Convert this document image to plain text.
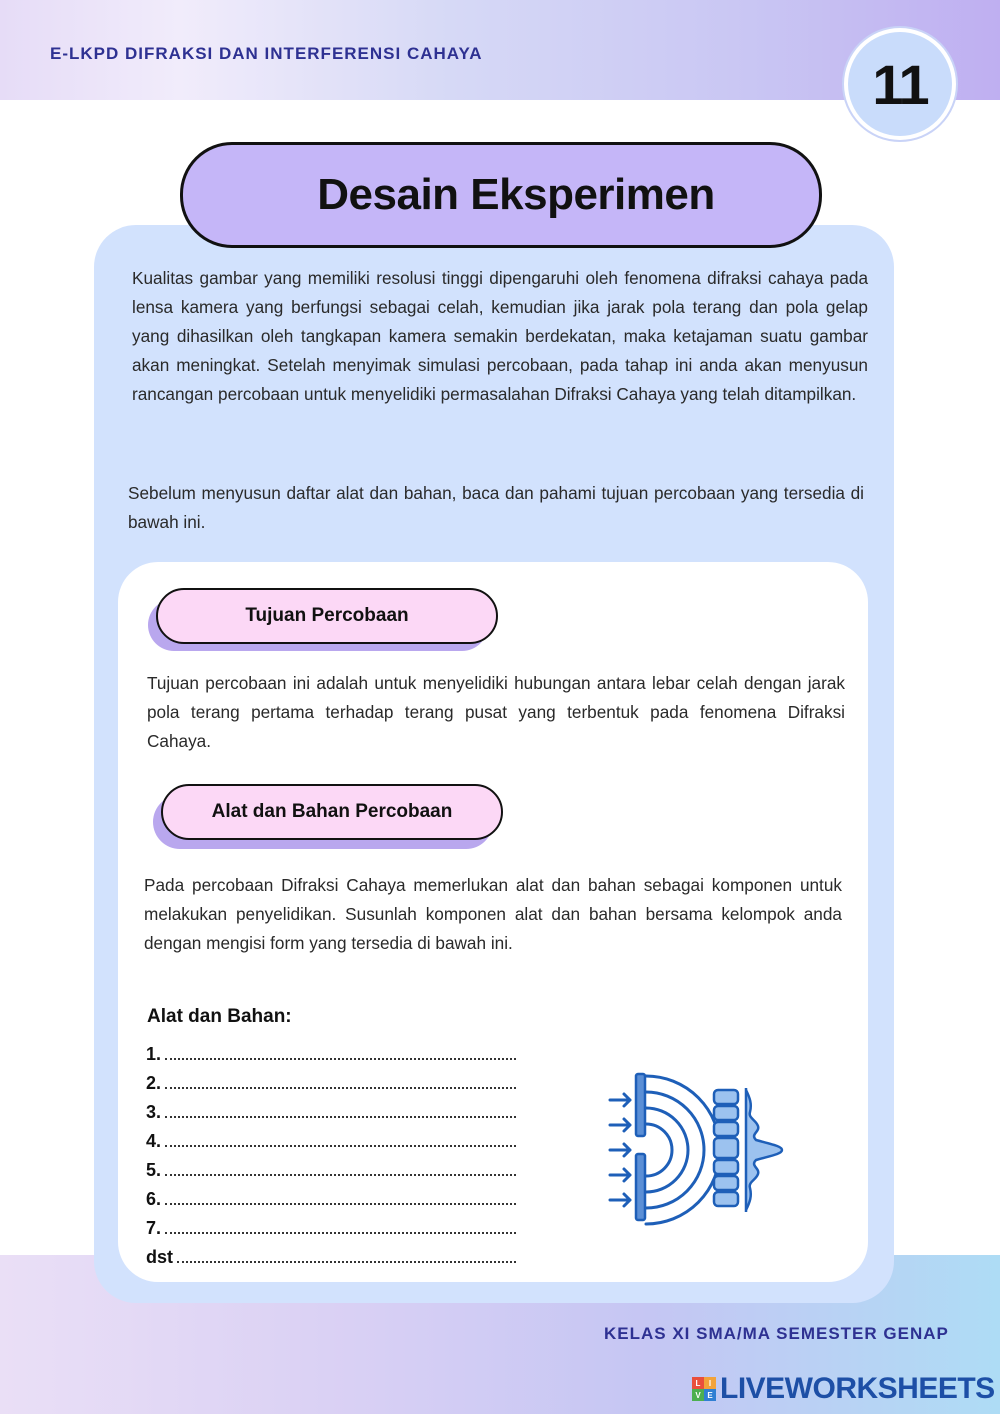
E-LKPD DIFRAKSI DAN INTERFERENSI CAHAYA	11
Desain Eksperimen

Kualitas gambar yang memiliki resolusi tinggi dipengaruhi oleh fenomena difraksi cahaya pada lensa kamera yang berfungsi sebagai celah, kemudian jika jarak pola terang dan pola gelap yang dihasilkan oleh tangkapan kamera semakin berdekatan, maka ketajaman suatu gambar akan meningkat. Setelah menyimak simulasi percobaan, pada tahap ini anda akan menyusun rancangan percobaan untuk menyelidiki permasalahan Difraksi Cahaya yang telah ditampilkan.

Sebelum menyusun daftar alat dan bahan, baca dan pahami tujuan percobaan yang tersedia di bawah ini.

Tujuan Percobaan

Tujuan percobaan ini adalah untuk menyelidiki hubungan antara lebar celah dengan jarak pola terang pertama terhadap terang pusat yang terbentuk pada fenomena Difraksi Cahaya.

Alat dan Bahan Percobaan

Pada percobaan Difraksi Cahaya memerlukan alat dan bahan sebagai komponen untuk melakukan penyelidikan. Susunlah komponen alat dan bahan bersama kelompok anda dengan mengisi form yang tersedia di bawah ini.

Alat dan Bahan:
1.
2.
3.
4.
5.
6.
7.
dst
KELAS XI SMA/MA SEMESTER GENAP
L	I
V E LIVEWORKSHEETS
